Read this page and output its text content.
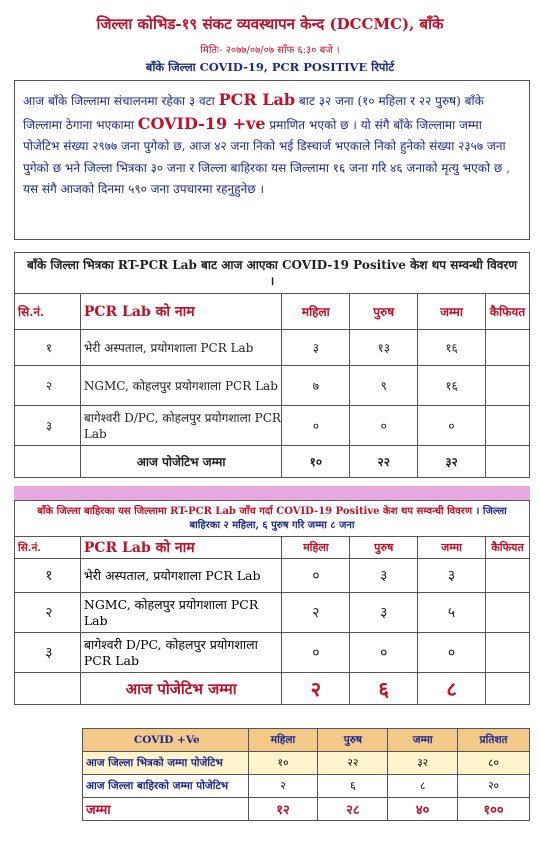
जिल्ला कोभिड-१९ संकट व्यवस्थापन केन्द (DCCMC), बाँके
मितिः- २०७७/०७/०७ साँफ ६:३० बजे ।
बाँके जिल्ला COVID-19, PCR POSITIVE रिपोर्ट
आज बाँके जिल्लामा संचालनमा रहेका ३ वटा PCR Lab बाट ३२ जना (१० महिला र २२ पुरुष) बाँके जिल्लामा ठेगाना भएकामा COVID-19 +ve प्रमाणित भएको छ । यो संगै बाँके जिल्लामा जम्मा पोजेटिभ संख्या २९७७ जना पुगेको छ, आज ४२ जना निको भई डिस्चार्ज भएकाले निको हुनेको संख्या २३५७ जना पुगेको छ भने जिल्ला भित्रका ३० जना र जिल्ला बाहिरका यस जिल्लामा १६ जना गरि ४६ जनाको मृत्यु भएको छ , यस संगै आजको दिनमा ५९० जना उपचारमा रहनुहुनेछ ।
बाँके जिल्ला भित्रका RT-PCR Lab बाट आज आएका COVID-19 Positive केश थप सम्वन्धी विवरण ।					
सि.नं.	PCR Lab को नाम	महिला	पुरुष	जम्मा	कैफियत
१	भेरी अस्पताल, प्रयोगशाला PCR Lab	३	१३	१६	
२	NGMC, कोहलपुर प्रयोगशाला PCR Lab	७	९	१६	
३	बागेश्वरी D/PC, कोहलपुर प्रयोगशाला PCR Lab	०	०	०	
	आज पोजेटिभ जम्मा	१०	२२	३२	
बाँके जिल्ला बाहिरका यस जिल्लामा RT-PCR Lab जाँच गर्दा COVID-19 Positive केश थप सम्वन्धी विवरण । जिल्ला बाहिरका २ महिला, ६ पुरुष गरि जम्मा ८ जना					
सि.नं.	PCR Lab को नाम	महिला	पुरुष	जम्मा	कैफियत
१	भेरी अस्पताल, प्रयोगशाला PCR Lab	०	३	३	
२	NGMC, कोहलपुर प्रयोगशाला PCR Lab	२	३	५	
३	बागेश्वरी D/PC, कोहलपुर प्रयोगशाला PCR Lab	०	०	०	
	आज पोजेटिभ जम्मा	२	६	८	
COVID +Ve	महिला	पुरुष	जम्मा	प्रतिशत
आज जिल्ला भित्रको जम्मा पोजेटिभ	१०	२२	३२	८०
आज जिल्ला बाहिरको जम्मा पोजेटिभ	२	६	८	२०
जम्मा	१२	२८	४०	१००
